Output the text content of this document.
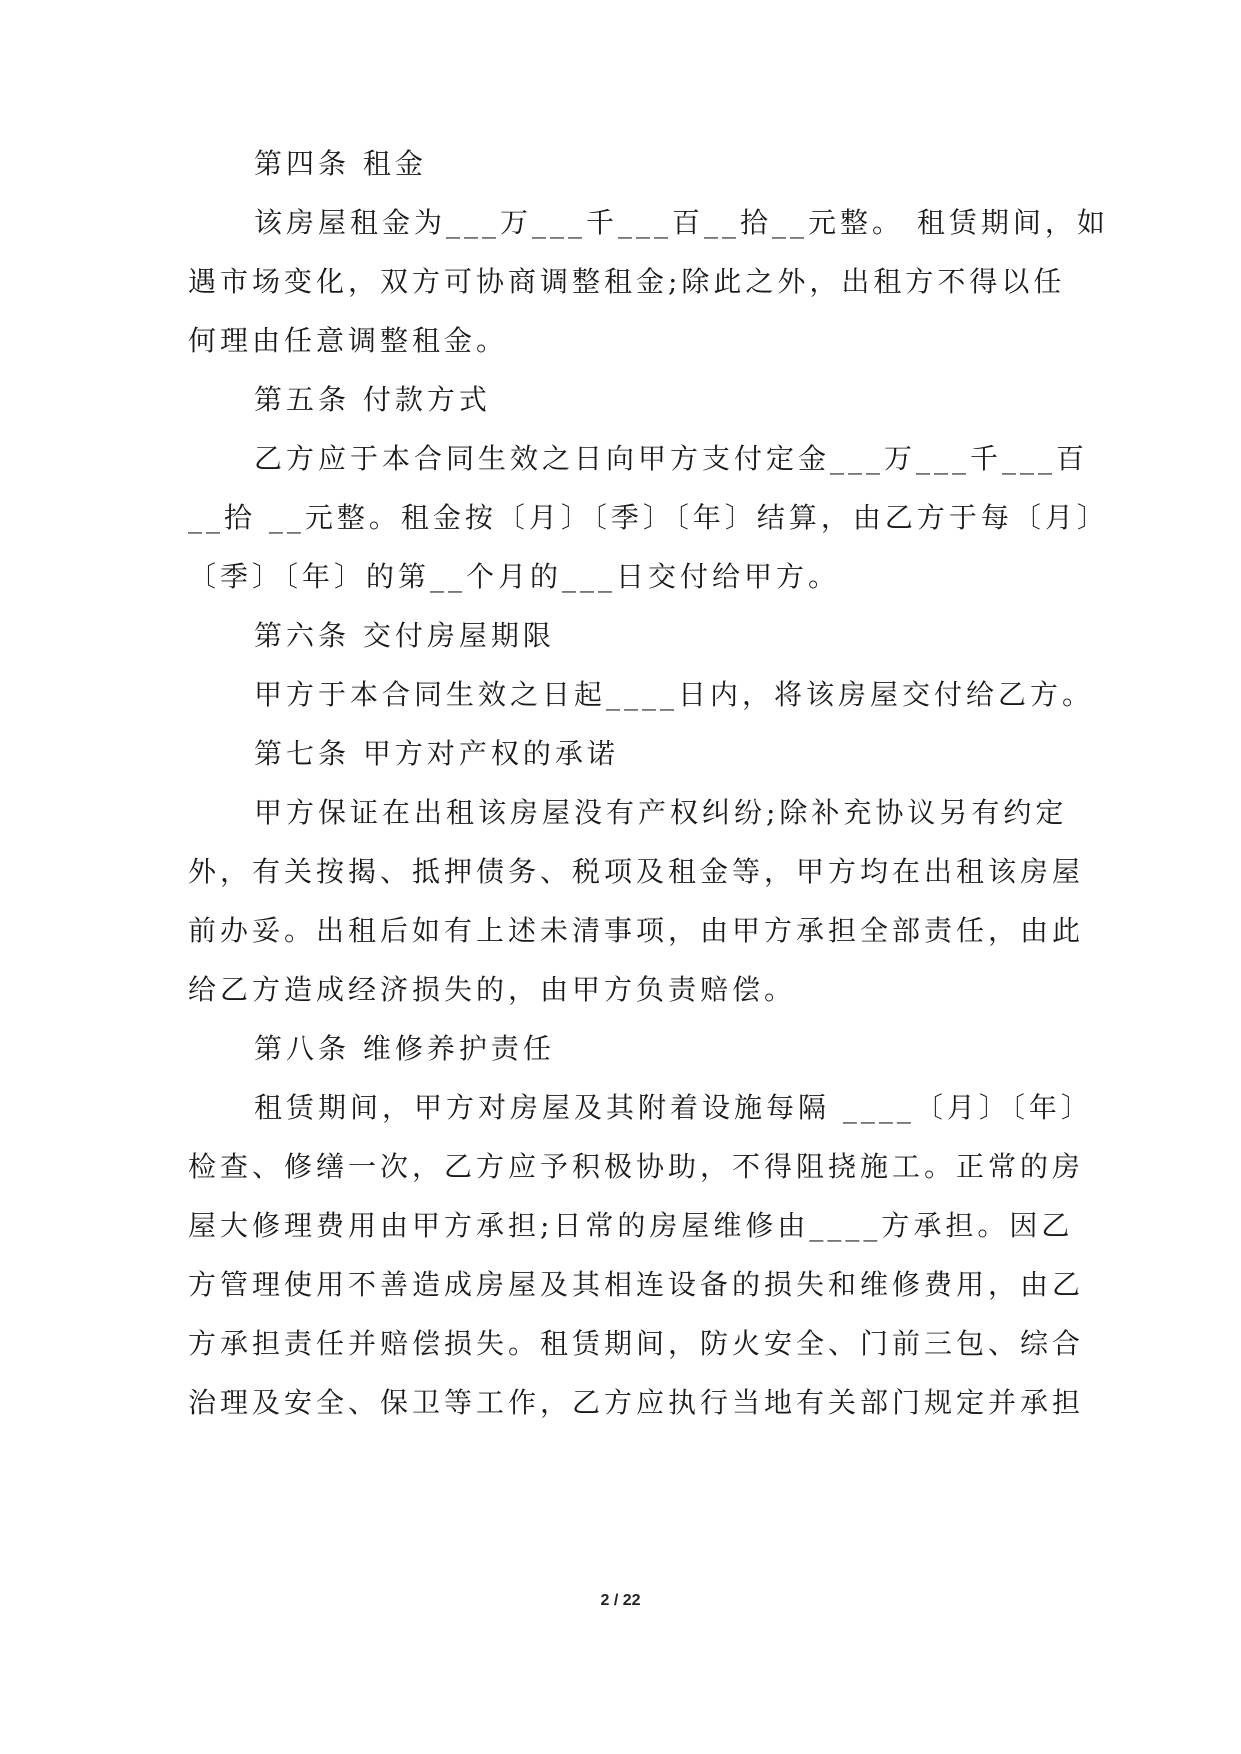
第四条 租金
该房屋租金为___万___千___百__拾__元整。 租赁期间，如
遇市场变化，双方可协商调整租金;除此之外，出租方不得以任
何理由任意调整租金。
第五条 付款方式
乙方应于本合同生效之日向甲方支付定金___万___千___百
__拾 __元整。租金按〔月〕〔季〕〔年〕结算，由乙方于每〔月〕
〔季〕〔年〕的第__个月的___日交付给甲方。
第六条 交付房屋期限
甲方于本合同生效之日起____日内，将该房屋交付给乙方。
第七条 甲方对产权的承诺
甲方保证在出租该房屋没有产权纠纷;除补充协议另有约定
外，有关按揭、抵押债务、税项及租金等，甲方均在出租该房屋
前办妥。出租后如有上述未清事项，由甲方承担全部责任，由此
给乙方造成经济损失的，由甲方负责赔偿。
第八条 维修养护责任
租赁期间，甲方对房屋及其附着设施每隔 ____〔月〕〔年〕
检查、修缮一次，乙方应予积极协助，不得阻挠施工。正常的房
屋大修理费用由甲方承担;日常的房屋维修由____方承担。因乙
方管理使用不善造成房屋及其相连设备的损失和维修费用，由乙
方承担责任并赔偿损失。租赁期间，防火安全、门前三包、综合
治理及安全、保卫等工作，乙方应执行当地有关部门规定并承担
2 / 22
